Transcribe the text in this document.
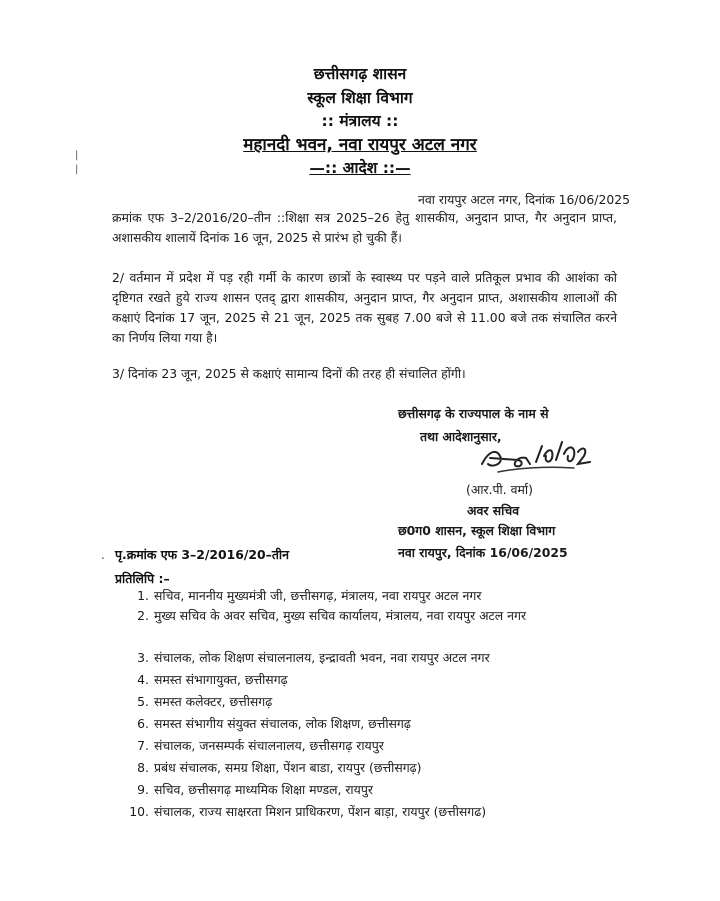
छत्तीसगढ़ शासन
स्कूल शिक्षा विभाग
:: मंत्रालय ::
महानदी भवन, नवा रायपुर अटल नगर
—:: आदेश ::—
|
|
नवा रायपुर अटल नगर, दिनांक 16/06/2025
क्रमांक एफ 3–2/2016/20–तीन ::शिक्षा सत्र 2025–26 हेतु शासकीय, अनुदान प्राप्त, गैर अनुदान प्राप्त, अशासकीय शालायें दिनांक 16 जून, 2025 से प्रारंभ हो चुकी हैं।
2/ वर्तमान में प्रदेश में पड़ रही गर्मी के कारण छात्रों के स्वास्थ्य पर पड़ने वाले प्रतिकूल प्रभाव की आशंका को दृष्टिगत रखते हुये राज्य शासन एतद् द्वारा शासकीय, अनुदान प्राप्त, गैर अनुदान प्राप्त, अशासकीय शालाओं की कक्षाएं दिनांक 17 जून, 2025 से 21 जून, 2025 तक सुबह 7.00 बजे से 11.00 बजे तक संचालित करने का निर्णय लिया गया है।
3/ दिनांक 23 जून, 2025 से कक्षाएं सामान्य दिनों की तरह ही संचालित होंगी।
छत्तीसगढ़ के राज्यपाल के नाम से
तथा आदेशानुसार,
(आर.पी. वर्मा)
अवर सचिव
छ0ग0 शासन, स्कूल शिक्षा विभाग
नवा रायपुर, दिनांक 16/06/2025
. पृ.क्रमांक एफ 3–2/2016/20–तीन
प्रतिलिपि :–
1. सचिव, माननीय मुख्यमंत्री जी, छत्तीसगढ़, मंत्रालय, नवा रायपुर अटल नगर
2. मुख्य सचिव के अवर सचिव, मुख्य सचिव कार्यालय, मंत्रालय, नवा रायपुर अटल नगर
3. संचालक, लोक शिक्षण संचालनालय, इन्द्रावती भवन, नवा रायपुर अटल नगर
4. समस्त संभागायुक्त, छत्तीसगढ़
5. समस्त कलेक्टर, छत्तीसगढ़
6. समस्त संभागीय संयुक्त संचालक, लोक शिक्षण, छत्तीसगढ़
7. संचालक, जनसम्पर्क संचालनालय, छत्तीसगढ़ रायपुर
8. प्रबंध संचालक, समग्र शिक्षा, पेंशन बाडा, रायपुर (छत्तीसगढ़)
9. सचिव, छत्तीसगढ़ माध्यमिक शिक्षा मण्डल, रायपुर
10. संचालक, राज्य साक्षरता मिशन प्राधिकरण, पेंशन बाड़ा, रायपुर (छत्तीसगढ)
